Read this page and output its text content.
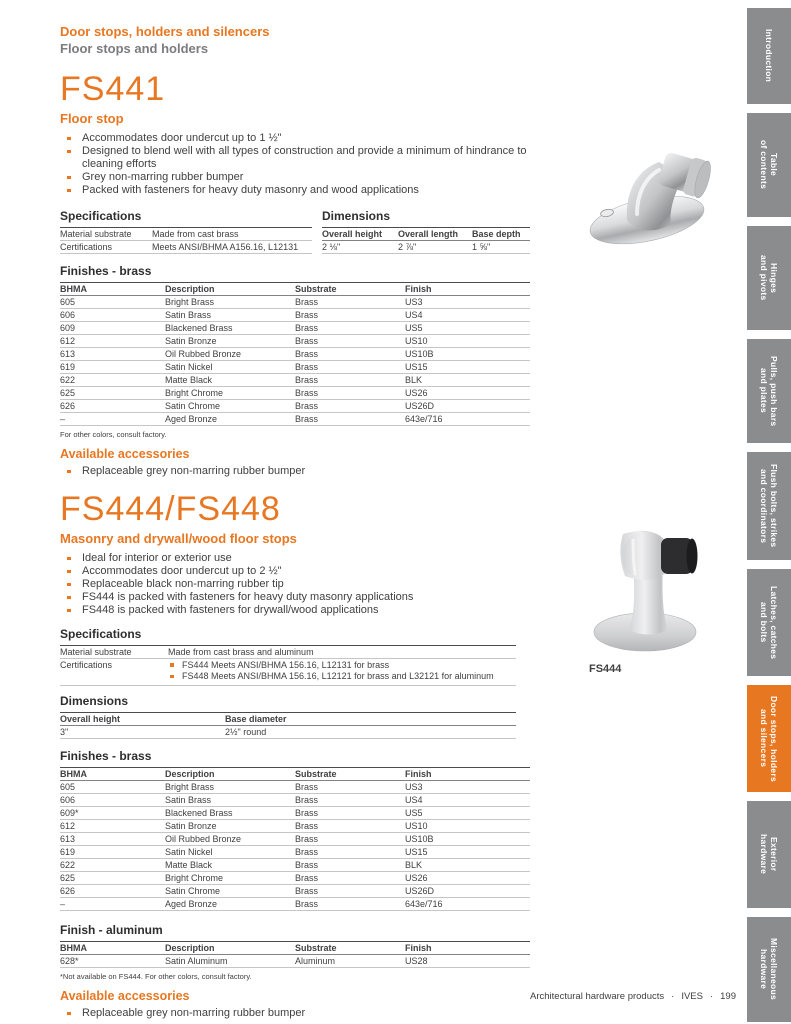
Door stops, holders and silencers
Floor stops and holders
FS441
Floor stop
Accommodates door undercut up to 1 ½"
Designed to blend well with all types of construction and provide a minimum of hindrance to cleaning efforts
Grey non-marring rubber bumper
Packed with fasteners for heavy duty masonry and wood applications
Specifications
Material substrate	Made from cast brass
Certifications	Meets ANSI/BHMA A156.16, L12131
Dimensions
Overall height	Overall length	Base depth
2 ⅛"	2 ⅞"	1 ⅝"
Finishes - brass
BHMA	Description	Substrate	Finish
605	Bright Brass	Brass	US3
606	Satin Brass	Brass	US4
609	Blackened Brass	Brass	US5
612	Satin Bronze	Brass	US10
613	Oil Rubbed Bronze	Brass	US10B
619	Satin Nickel	Brass	US15
622	Matte Black	Brass	BLK
625	Bright Chrome	Brass	US26
626	Satin Chrome	Brass	US26D
–	Aged Bronze	Brass	643e/716
For other colors, consult factory.
Available accessories
Replaceable grey non-marring rubber bumper
FS444/FS448
Masonry and drywall/wood floor stops
Ideal for interior or exterior use
Accommodates door undercut up to 2 ½"
Replaceable black non-marring rubber tip
FS444 is packed with fasteners for heavy duty masonry applications
FS448 is packed with fasteners for drywall/wood applications
Specifications
Material substrate	Made from cast brass and aluminum
Certifications	FS444 Meets ANSI/BHMA 156.16, L12131 for brass
FS448 Meets ANSI/BHMA 156.16, L12121 for brass and L32121 for aluminum
Dimensions
Overall height	Base diameter
3"	2½" round
Finishes - brass
BHMA	Description	Substrate	Finish
605	Bright Brass	Brass	US3
606	Satin Brass	Brass	US4
609*	Blackened Brass	Brass	US5
612	Satin Bronze	Brass	US10
613	Oil Rubbed Bronze	Brass	US10B
619	Satin Nickel	Brass	US15
622	Matte Black	Brass	BLK
625	Bright Chrome	Brass	US26
626	Satin Chrome	Brass	US26D
–	Aged Bronze	Brass	643e/716
Finish - aluminum
BHMA	Description	Substrate	Finish
628*	Satin Aluminum	Aluminum	US28
*Not available on FS444. For other colors, consult factory.
Available accessories
Replaceable grey non-marring rubber bumper
FS444
Architectural hardware products · IVES · 199
Introduction
Table
of contents
Hinges
and pivots
Pulls, push bars
and plates
Flush bolts, strikes
and coordinators
Latches, catches
and bolts
Door stops, holders
and silencers
Exterior
hardware
Miscellaneous
hardware
